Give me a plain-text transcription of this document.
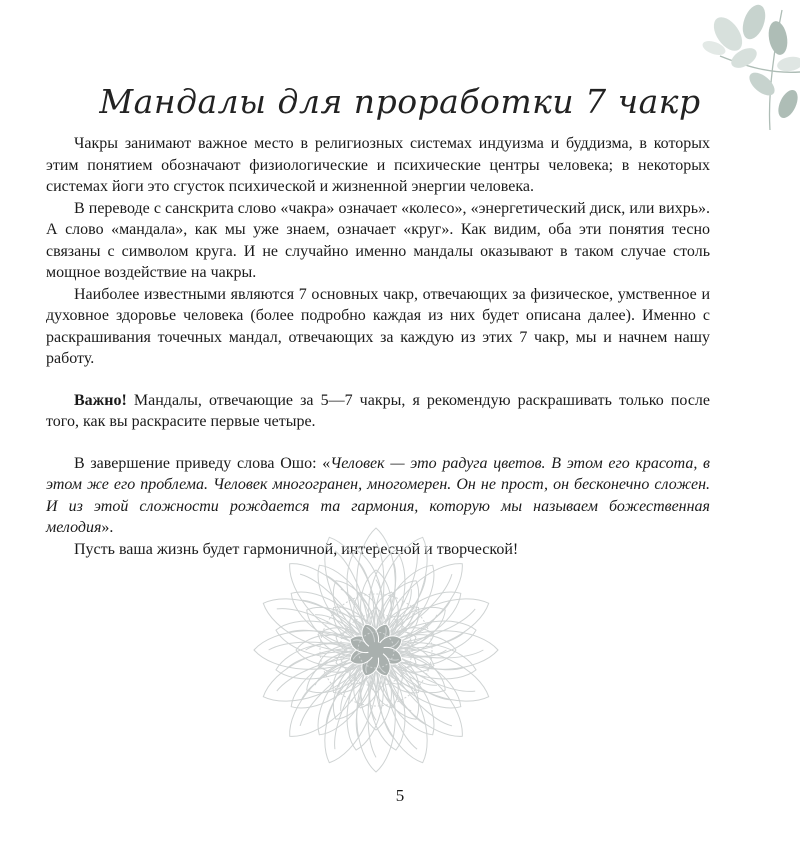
Мандалы для проработки 7 чакр

Чакры занимают важное место в религиозных системах индуизма и буддизма, в которых этим понятием обозначают физиологические и психические центры человека; в некоторых системах йоги это сгусток психической и жизненной энергии человека.

В переводе с санскрита слово «чакра» означает «колесо», «энергетический диск, или вихрь». А слово «мандала», как мы уже знаем, означает «круг». Как видим, оба эти понятия тесно связаны с символом круга. И не случайно именно мандалы оказывают в таком случае столь мощное воздействие на чакры.

Наиболее известными являются 7 основных чакр, отвечающих за физическое, умственное и духовное здоровье человека (более подробно каждая из них будет описана далее). Именно с раскрашивания точечных мандал, отвечающих за каждую из этих 7 чакр, мы и начнем нашу работу.

Важно! Мандалы, отвечающие за 5—7 чакры, я рекомендую раскрашивать только после того, как вы раскрасите первые четыре.

В завершение приведу слова Ошо: «Человек — это радуга цветов. В этом его красота, в этом же его проблема. Человек многогранен, многомерен. Он не прост, он бесконечно сложен. И из этой сложности рождается та гармония, которую мы называем божественная мелодия».

Пусть ваша жизнь будет гармоничной, интересной и творческой!

5
